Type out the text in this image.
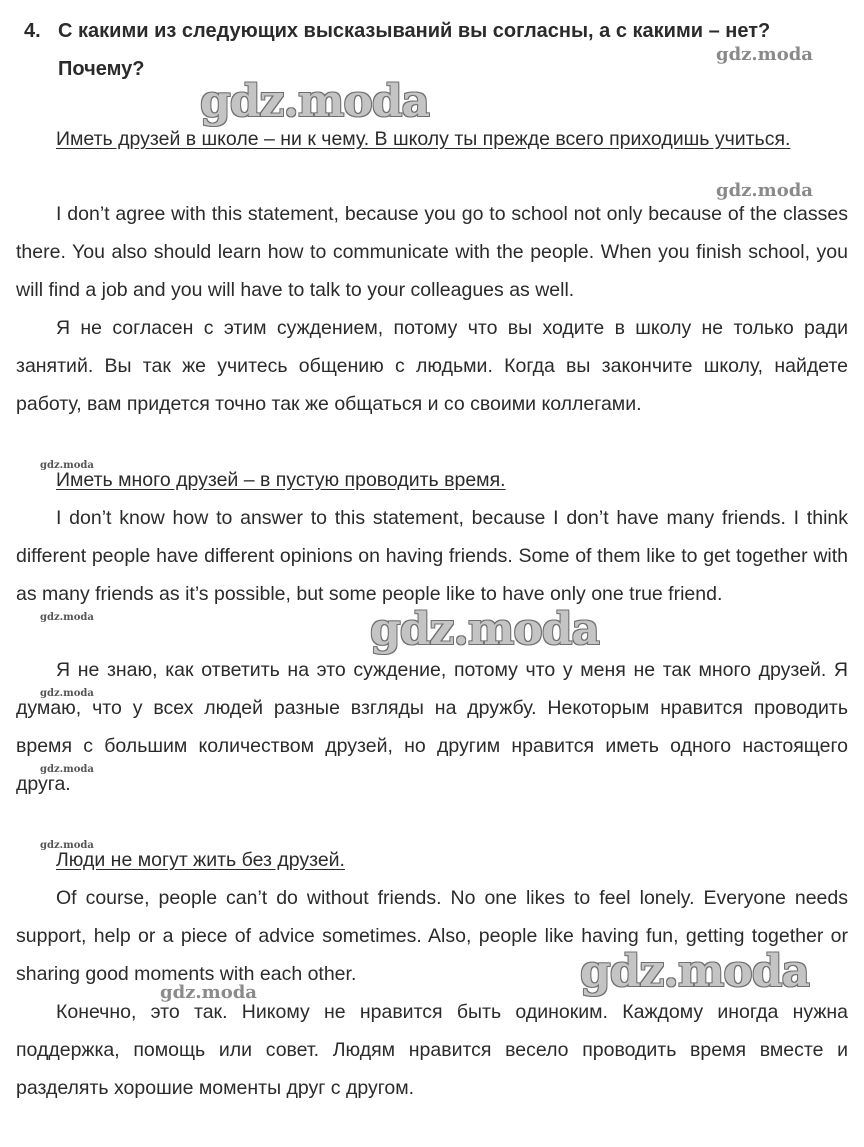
4. С какими из следующих высказываний вы согласны, а с какими – нет?
Почему?
Иметь друзей в школе – ни к чему. В школу ты прежде всего приходишь учиться.
I don’t agree with this statement, because you go to school not only because of the classes there. You also should learn how to communicate with the people. When you finish school, you will find a job and you will have to talk to your colleagues as well.
Я не согласен с этим суждением, потому что вы ходите в школу не только ради занятий. Вы так же учитесь общению с людьми. Когда вы закончите школу, найдете работу, вам придется точно так же общаться и со своими коллегами.
Иметь много друзей – в пустую проводить время.
I don’t know how to answer to this statement, because I don’t have many friends. I think different people have different opinions on having friends. Some of them like to get together with as many friends as it’s possible, but some people like to have only one true friend.
Я не знаю, как ответить на это суждение, потому что у меня не так много друзей. Я думаю, что у всех людей разные взгляды на дружбу. Некоторым нравится проводить время с большим количеством друзей, но другим нравится иметь одного настоящего друга.
Люди не могут жить без друзей.
Of course, people can’t do without friends. No one likes to feel lonely. Everyone needs support, help or a piece of advice sometimes. Also, people like having fun, getting together or sharing good moments with each other.
Конечно, это так. Никому не нравится быть одиноким. Каждому иногда нужна поддержка, помощь или совет. Людям нравится весело проводить время вместе и разделять хорошие моменты друг с другом.
gdz.moda
gdz.moda
gdz.moda
gdz.moda
gdz.moda	gdz.moda
gdz.moda
gdz.moda
gdz.moda
gdz.moda
gdz.moda
